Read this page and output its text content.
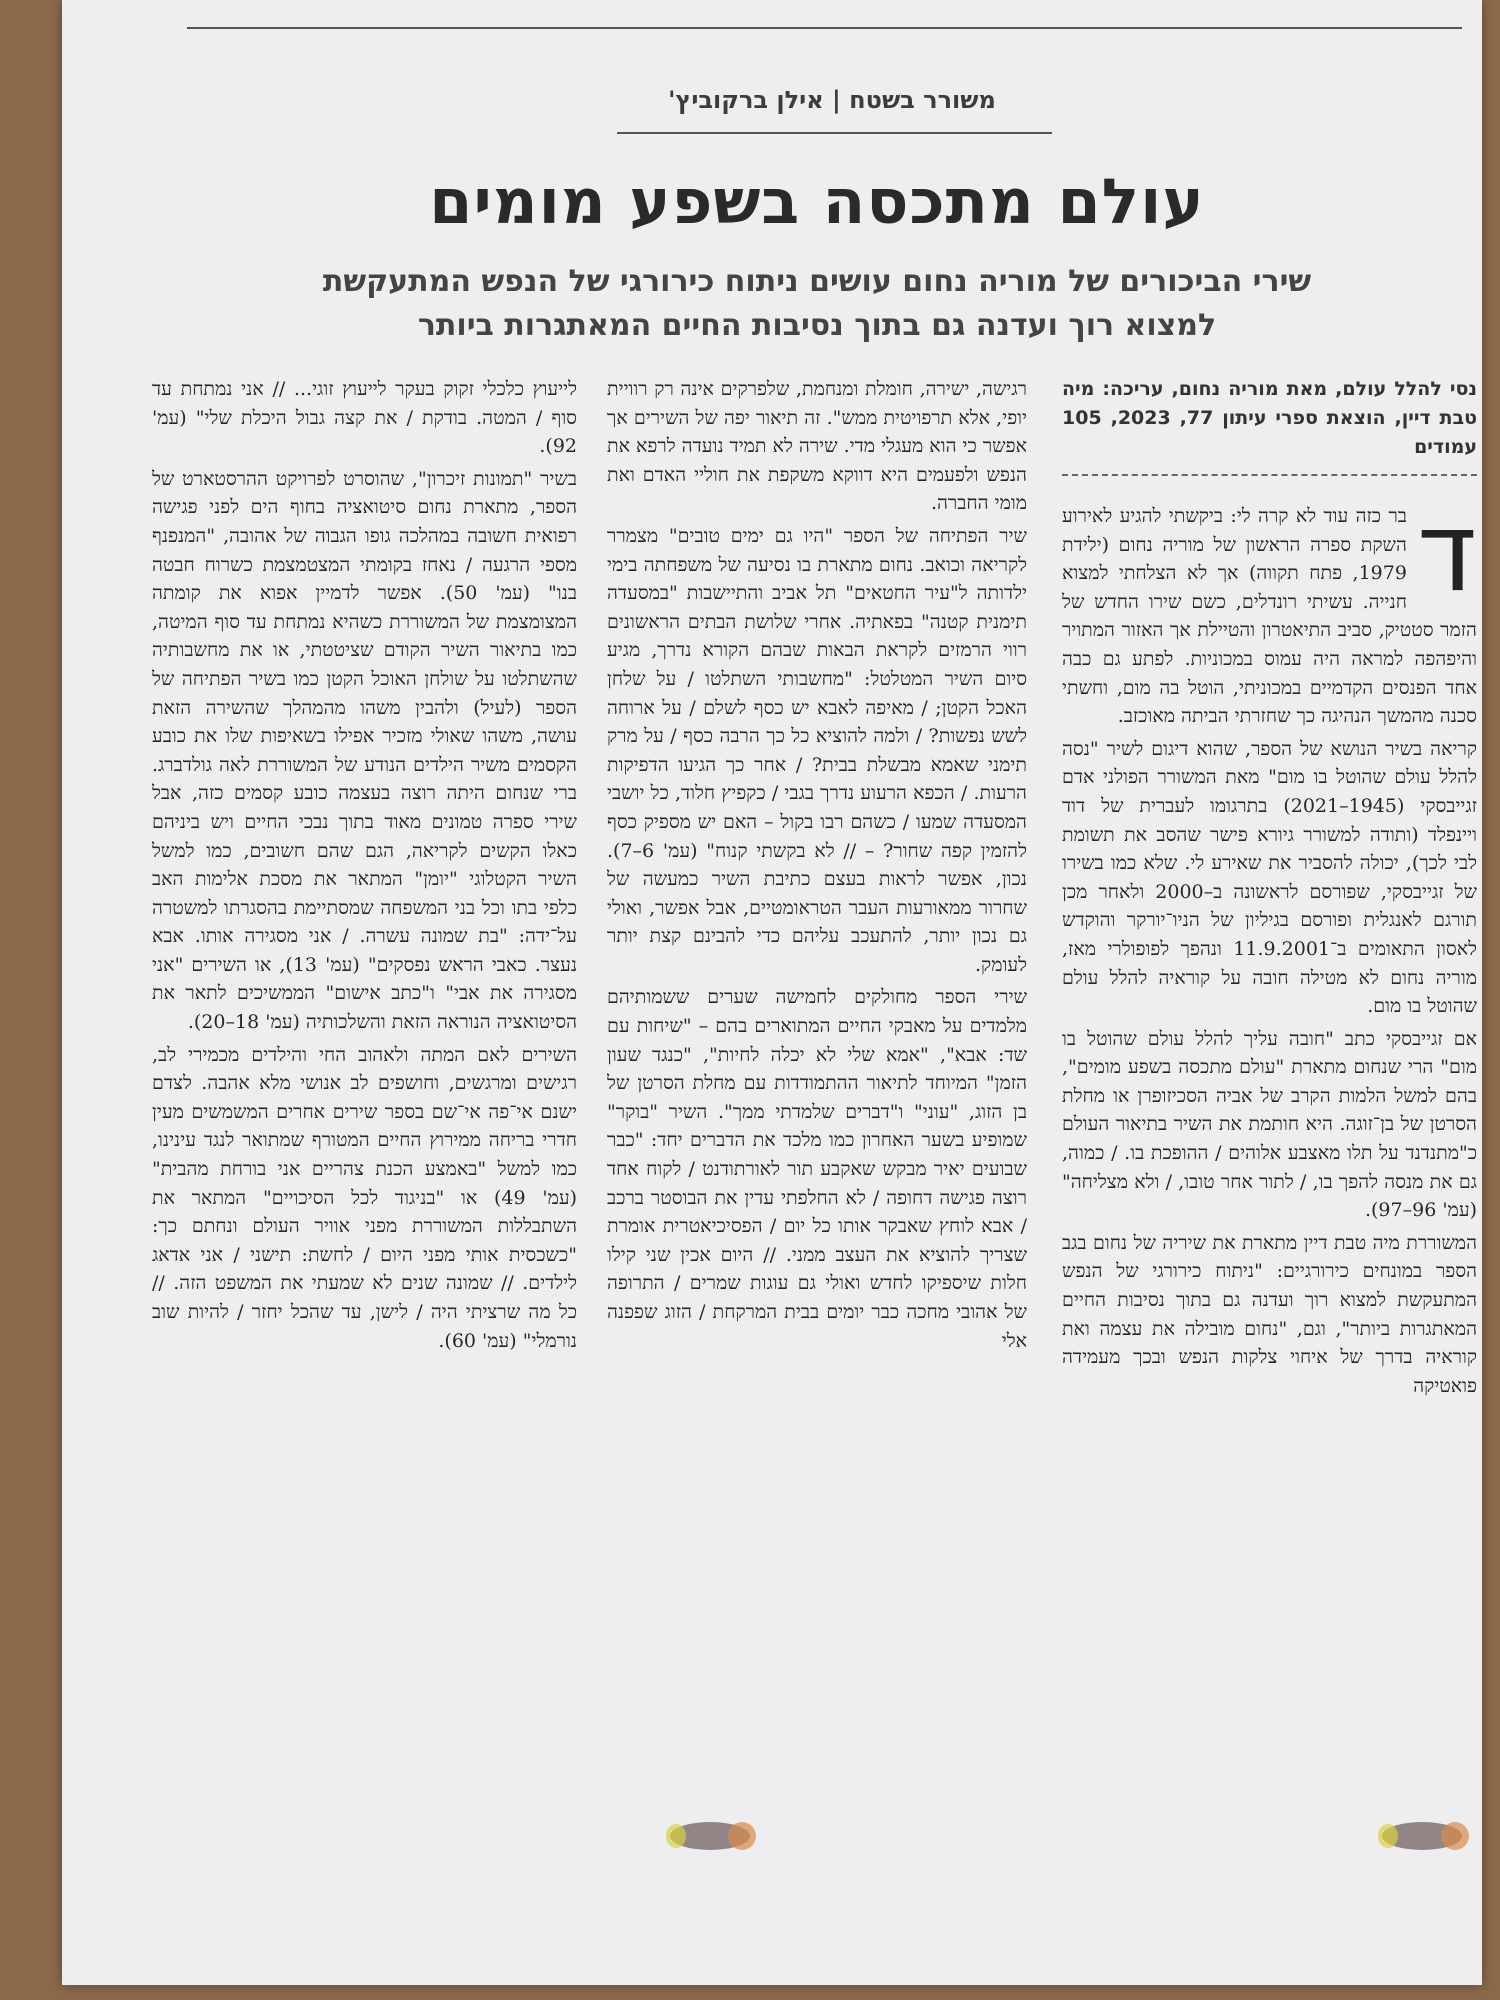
משורר בשטח | אילן ברקוביץ'
עולם מתכסה בשפע מומים
שירי הביכורים של מוריה נחום עושים ניתוח כירורגי של הנפש המתעקשת למצוא רוך ועדנה גם בתוך נסיבות החיים המאתגרות ביותר
נסי להלל עולם, מאת מוריה נחום, עריכה: מיה טבת דיין, הוצאת ספרי עיתון 77, 2023, 105 עמודים
ד

בר כזה עוד לא קרה לי: ביקשתי להגיע לאירוע השקת ספרה הראשון של מוריה נחום (ילידת 1979, פתח תקווה) אך לא הצלחתי למצוא חנייה. עשיתי רונדלים, כשם שירו החדש של הזמר סטטיק, סביב התיאטרון והטיילת אך האזור המתויר והיפהפה למראה היה עמוס במכוניות. לפתע גם כבה אחד הפנסים הקדמיים במכוניתי, הוטל בה מום, וחשתי סכנה מהמשך הנהיגה כך שחזרתי הביתה מאוכזב.

קריאה בשיר הנושא של הספר, שהוא דיגום לשיר "נסה להלל עולם שהוטל בו מום" מאת המשורר הפולני אדם זגייבסקי (1945–2021) בתרגומו לעברית של דוד ויינפלד (ותודה למשורר גיורא פישר שהסב את תשומת לבי לכך), יכולה להסביר את שאירע לי. שלא כמו בשירו של זגייבסקי, שפורסם לראשונה ב–2000 ולאחר מכן תורגם לאנגלית ופורסם בגיליון של הניו־יורקר והוקדש לאסון התאומים ב־11.9.2001 ונהפך לפופולרי מאז, מוריה נחום לא מטילה חובה על קוראיה להלל עולם שהוטל בו מום.

אם זגייבסקי כתב "חובה עליך להלל עולם שהוטל בו מום" הרי שנחום מתארת "עולם מתכסה בשפע מומים", בהם למשל הלמות הקרב של אביה הסכיזופרן או מחלת הסרטן של בן־זוגה. היא חותמת את השיר בתיאור העולם כ"מתנדנד על תלו מאצבע אלוהים / ההופכת בו. / כמוה, גם את מנסה להפך בו, / לתור אחר טובו, / ולא מצליחה" (עמ' 96–97).

המשוררת מיה טבת דיין מתארת את שיריה של נחום בגב הספר במונחים כירורגיים: "ניתוח כירורגי של הנפש המתעקשת למצוא רוך ועדנה גם בתוך נסיבות החיים המאתגרות ביותר", וגם, "נחום מובילה את עצמה ואת קוראיה בדרך של איחוי צלקות הנפש ובכך מעמידה פואטיקה

רגישה, ישירה, חומלת ומנחמת, שלפרקים אינה רק רוויית יופי, אלא תרפויטית ממש". זה תיאור יפה של השירים אך אפשר כי הוא מעגלי מדי. שירה לא תמיד נועדה לרפא את הנפש ולפעמים היא דווקא משקפת את חוליי האדם ואת מומי החברה.

שיר הפתיחה של הספר "היו גם ימים טובים" מצמרר לקריאה וכואב. נחום מתארת בו נסיעה של משפחתה בימי ילדותה ל"עיר החטאים" תל אביב והתיישבות "במסעדה תימנית קטנה" בפאתיה. אחרי שלושת הבתים הראשונים רווי הרמזים לקראת הבאות שבהם הקורא נדרך, מגיע סיום השיר המטלטל: "מחשבותי השתלטו / על שלחן האכל הקטן; / מאיפה לאבא יש כסף לשלם / על ארוחה לשש נפשות? / ולמה להוציא כל כך הרבה כסף / על מרק תימני שאמא מבשלת בבית? / אחר כך הגיעו הדפיקות הרעות. / הכפא הרעוע נדרך בגבי / כקפיץ חלוד, כל יושבי המסעדה שמעו / כשהם רבו בקול – האם יש מספיק כסף להזמין קפה שחור? – // לא בקשתי קנוח" (עמ' 6–7). נכון, אפשר לראות בעצם כתיבת השיר כמעשה של שחרור ממאורעות העבר הטראומטיים, אבל אפשר, ואולי גם נכון יותר, להתעכב עליהם כדי להבינם קצת יותר לעומק.

שירי הספר מחולקים לחמישה שערים ששמותיהם מלמדים על מאבקי החיים המתוארים בהם – "שיחות עם שד: אבא", "אמא שלי לא יכלה לחיות", "כנגד שעון הזמן" המיוחד לתיאור ההתמודדות עם מחלת הסרטן של בן הזוג, "עוני" ו"דברים שלמדתי ממך". השיר "בוקר" שמופיע בשער האחרון כמו מלכד את הדברים יחד: "כבר שבועים יאיר מבקש שאקבע תור לאורתודנט / לקוח אחד רוצה פגישה דחופה / לא החלפתי עדין את הבוסטר ברכב / אבא לוחץ שאבקר אותו כל יום / הפסיכיאטרית אומרת שצריך להוציא את העצב ממני. // היום אכין שני קילו חלות שיספיקו לחדש ואולי גם עוגות שמרים / התרופה של אהובי מחכה כבר יומים בבית המרקחת / הזוג שפפנה אלי

לייעוץ כלכלי זקוק בעקר לייעוץ זוגי... // אני נמתחת עד סוף / המטה. בודקת / את קצה גבול היכלת שלי" (עמ' 92).

בשיר "תמונות זיכרון", שהוסרט לפרויקט ההרסטארט של הספר, מתארת נחום סיטואציה בחוף הים לפני פגישה רפואית חשובה במהלכה גופו הגבוה של אהובה, "המנפנף מספי הרגעה / נאחז בקומתי המצטמצמת כשרוח חבטה בנו" (עמ' 50). אפשר לדמיין אפוא את קומתה המצומצמת של המשוררת כשהיא נמתחת עד סוף המיטה, כמו בתיאור השיר הקודם שציטטתי, או את מחשבותיה שהשתלטו על שולחן האוכל הקטן כמו בשיר הפתיחה של הספר (לעיל) ולהבין משהו מהמהלך שהשירה הזאת עושה, משהו שאולי מזכיר אפילו בשאיפות שלו את כובע הקסמים משיר הילדים הנודע של המשוררת לאה גולדברג. ברי שנחום היתה רוצה בעצמה כובע קסמים כזה, אבל שירי ספרה טמונים מאוד בתוך נבכי החיים ויש ביניהם כאלו הקשים לקריאה, הגם שהם חשובים, כמו למשל השיר הקטלוגי "יומן" המתאר את מסכת אלימות האב כלפי בתו וכל בני המשפחה שמסתיימת בהסגרתו למשטרה על־ידה: "בת שמונה עשרה. / אני מסגירה אותו. אבא נעצר. כאבי הראש נפסקים" (עמ' 13), או השירים "אני מסגירה את אבי" ו"כתב אישום" הממשיכים לתאר את הסיטואציה הנוראה הזאת והשלכותיה (עמ' 18–20).

השירים לאם המתה ולאהוב החי והילדים מכמירי לב, רגישים ומרגשים, וחושפים לב אנושי מלא אהבה. לצדם ישנם אי־פה אי־שם בספר שירים אחרים המשמשים מעין חדרי בריחה ממירוץ החיים המטורף שמתואר לנגד עינינו, כמו למשל "באמצע הכנת צהריים אני בורחת מהבית" (עמ' 49) או "בניגוד לכל הסיכויים" המתאר את השתבללות המשוררת מפני אוויר העולם ונחתם כך: "כשכסית אותי מפני היום / לחשת: תישני / אני אדאג לילדים. // שמונה שנים לא שמעתי את המשפט הזה. // כל מה שרציתי היה / לישן, עד שהכל יחזר / להיות שוב נורמלי" (עמ' 60).
